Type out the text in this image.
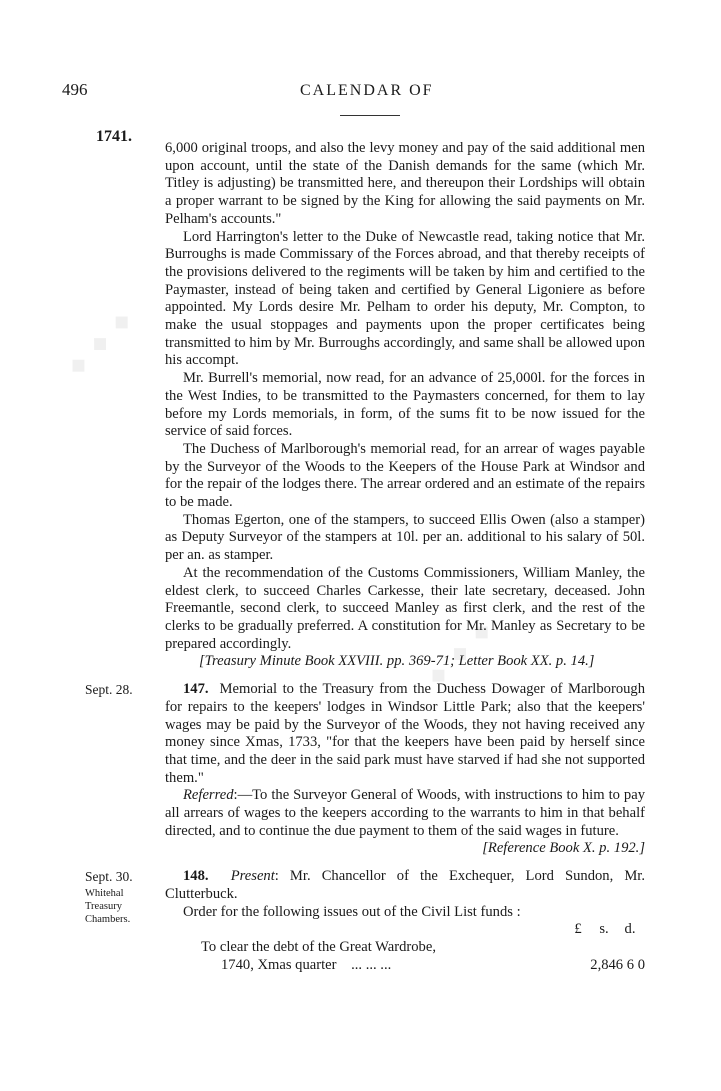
◆ ◆ ◆
◆ ◆ ◆
496	CALENDAR OF
1741.

6,000 original troops, and also the levy money and pay of the said additional men upon account, until the state of the Danish demands for the same (which Mr. Titley is adjusting) be transmitted here, and thereupon their Lordships will obtain a proper warrant to be signed by the King for allowing the said payments on Mr. Pelham's accounts."

Lord Harrington's letter to the Duke of Newcastle read, taking notice that Mr. Burroughs is made Commissary of the Forces abroad, and that thereby receipts of the provisions delivered to the regiments will be taken by him and certified to the Paymaster, instead of being taken and certified by General Ligoniere as before appointed. My Lords desire Mr. Pelham to order his deputy, Mr. Compton, to make the usual stoppages and payments upon the proper certificates being transmitted to him by Mr. Burroughs accordingly, and same shall be allowed upon his accompt.

Mr. Burrell's memorial, now read, for an advance of 25,000l. for the forces in the West Indies, to be transmitted to the Paymasters concerned, for them to lay before my Lords memorials, in form, of the sums fit to be now issued for the service of said forces.

The Duchess of Marlborough's memorial read, for an arrear of wages payable by the Surveyor of the Woods to the Keepers of the House Park at Windsor and for the repair of the lodges there. The arrear ordered and an estimate of the repairs to be made.

Thomas Egerton, one of the stampers, to succeed Ellis Owen (also a stamper) as Deputy Surveyor of the stampers at 10l. per an. additional to his salary of 50l. per an. as stamper.

At the recommendation of the Customs Commissioners, William Manley, the eldest clerk, to succeed Charles Carkesse, their late secretary, deceased. John Freemantle, second clerk, to succeed Manley as first clerk, and the rest of the clerks to be gradually preferred. A constitution for Mr. Manley as Secretary to be prepared accordingly.

[Treasury Minute Book XXVIII. pp. 369-71; Letter Book XX. p. 14.]

Sept. 28.	147. Memorial to the Treasury from the Duchess Dowager of Marlborough for repairs to the keepers' lodges in Windsor Little Park; also that the keepers' wages may be paid by the Surveyor of the Woods, they not having received any money since Xmas, 1733, "for that the keepers have been paid by herself since that time, and the deer in the said park must have starved if had she not supported them."

Referred:—To the Surveyor General of Woods, with instructions to him to pay all arrears of wages to the keepers according to the warrants to him in that behalf directed, and to continue the due payment to them of the said wages in future.

[Reference Book X. p. 192.]

Sept. 30.
Whitehal
Treasury
Chambers.

148. Present: Mr. Chancellor of the Exchequer, Lord Sundon, Mr. Clutterbuck.

Order for the following issues out of the Civil List funds :

£ s. d.
To clear the debt of the Great Wardrobe,
1740, Xmas quarter ... ... ...	2,846 6 0
